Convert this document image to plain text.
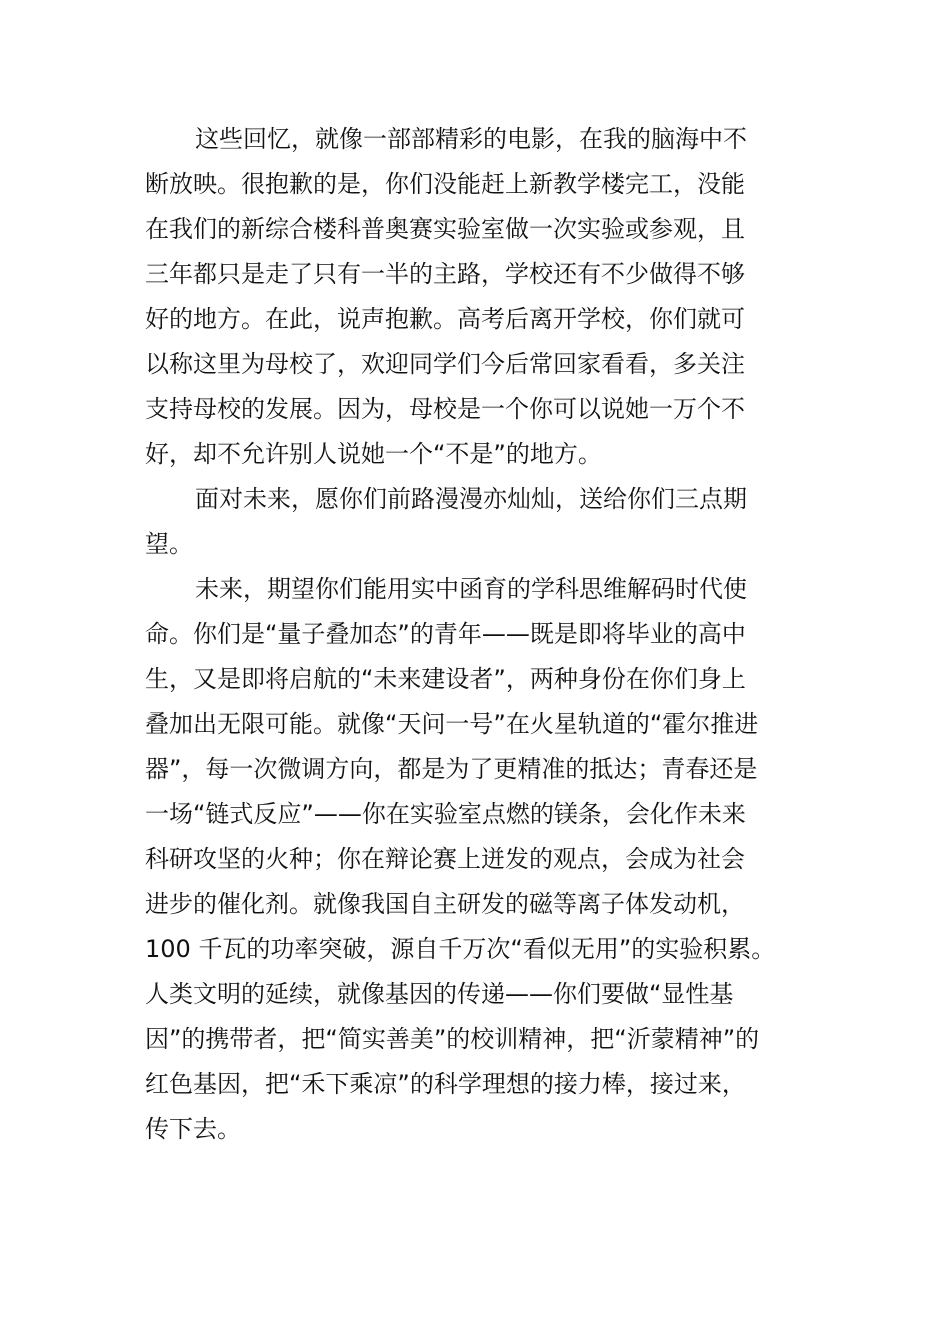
这些回忆，就像一部部精彩的电影，在我的脑海中不
断放映。很抱歉的是，你们没能赶上新教学楼完工，没能
在我们的新综合楼科普奥赛实验室做一次实验或参观，且
三年都只是走了只有一半的主路，学校还有不少做得不够
好的地方。在此，说声抱歉。高考后离开学校，你们就可
以称这里为母校了，欢迎同学们今后常回家看看，多关注
支持母校的发展。因为，母校是一个你可以说她一万个不
好，却不允许别人说她一个“不是”的地方。
面对未来，愿你们前路漫漫亦灿灿，送给你们三点期
望。
未来，期望你们能用实中函育的学科思维解码时代使
命。你们是“量子叠加态”的青年——既是即将毕业的高中
生，又是即将启航的“未来建设者”，两种身份在你们身上
叠加出无限可能。就像“天问一号”在火星轨道的“霍尔推进
器”，每一次微调方向，都是为了更精准的抵达；青春还是
一场“链式反应”——你在实验室点燃的镁条，会化作未来
科研攻坚的火种；你在辩论赛上迸发的观点，会成为社会
进步的催化剂。就像我国自主研发的磁等离子体发动机，
100 千瓦的功率突破，源自千万次“看似无用”的实验积累。
人类文明的延续，就像基因的传递——你们要做“显性基
因”的携带者，把“简实善美”的校训精神，把“沂蒙精神”的
红色基因，把“禾下乘凉”的科学理想的接力棒，接过来，
传下去。
